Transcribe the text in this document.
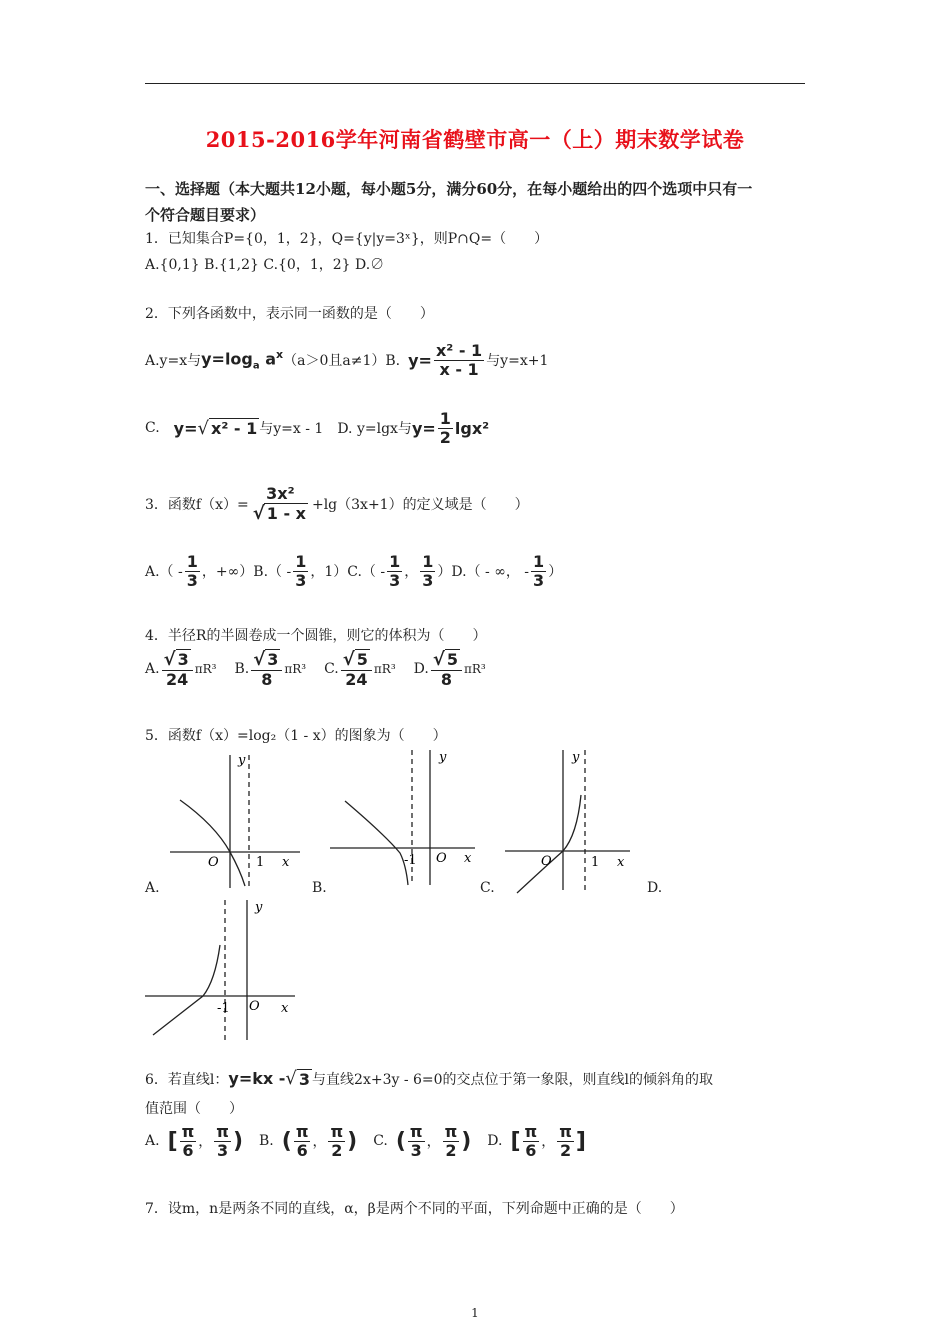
2015-2016学年河南省鹤壁市高一（上）期末数学试卷
一、选择题（本大题共12小题，每小题5分，满分60分，在每小题给出的四个选项中只有一
个符合题目要求）
1．已知集合P={0，1，2}，Q={y|y=3ˣ}，则P∩Q=（　　）
A.{0,1} B.{1,2} C.{0，1，2} D.∅
2．下列各函数中，表示同一函数的是（　　）
A.y=x与 $y=\log_a$ $a^x$ （a＞0且a≠1）B. $y= \frac{\text{x² - 1}}{x - 1}$ 与y=x+1
C. y= √ x² - 1 与y=x - 1　D. y=lgx与 $y= \frac{1}{2} \lg x^2$
3．函数$f(x)= \frac{\text{3x²}}{√ 1 - x} +\lg(3x+1)$的定义域是（　　）
$A.( - \frac{1}{3}$ ，$+\infty)B.( - \frac{1}{3}$ ，$1)C.( - \frac{1}{3}$ ， $\frac{1}{3} )D$.（ - ∞， - $\frac{1}{3}$ ）
4．半径R的半圆卷成一个圆锥，则它的体积为（　　）
A. $\frac{√ 3}{24} \pi R^3$ B. $\frac{√ 3}{8} \pi R^3$ C. $\frac{√ 5}{24} \pi R^3$ D. $\frac{√ 5}{8} \pi R^3$
5．函数f（x）=log₂（1 - x）的图象为（　　）
y
x
O	1
y
x
O
-1
y
x
O	1
A.	B.	C.	D.
y
x
O
-1
6．若直线l： y=kx - √ 3 与直线2x+3y - 6=0的交点位于第一象限，则直线l的倾斜角的取
值范围（　　）
A. [ $\frac{\pi}{6}$ ， $\frac{\pi}{3}$ ) B. ( $\frac{\pi}{6}$ ， $\frac{\pi}{2}$ ) C. ( $\frac{\pi}{3}$ ， $\frac{\pi}{2}$ ) D. [ $\frac{\pi}{6}$ ， $\frac{\pi}{2}$ ]
7．设m，n是两条不同的直线，α，β是两个不同的平面，下列命题中正确的是（　　）
1
